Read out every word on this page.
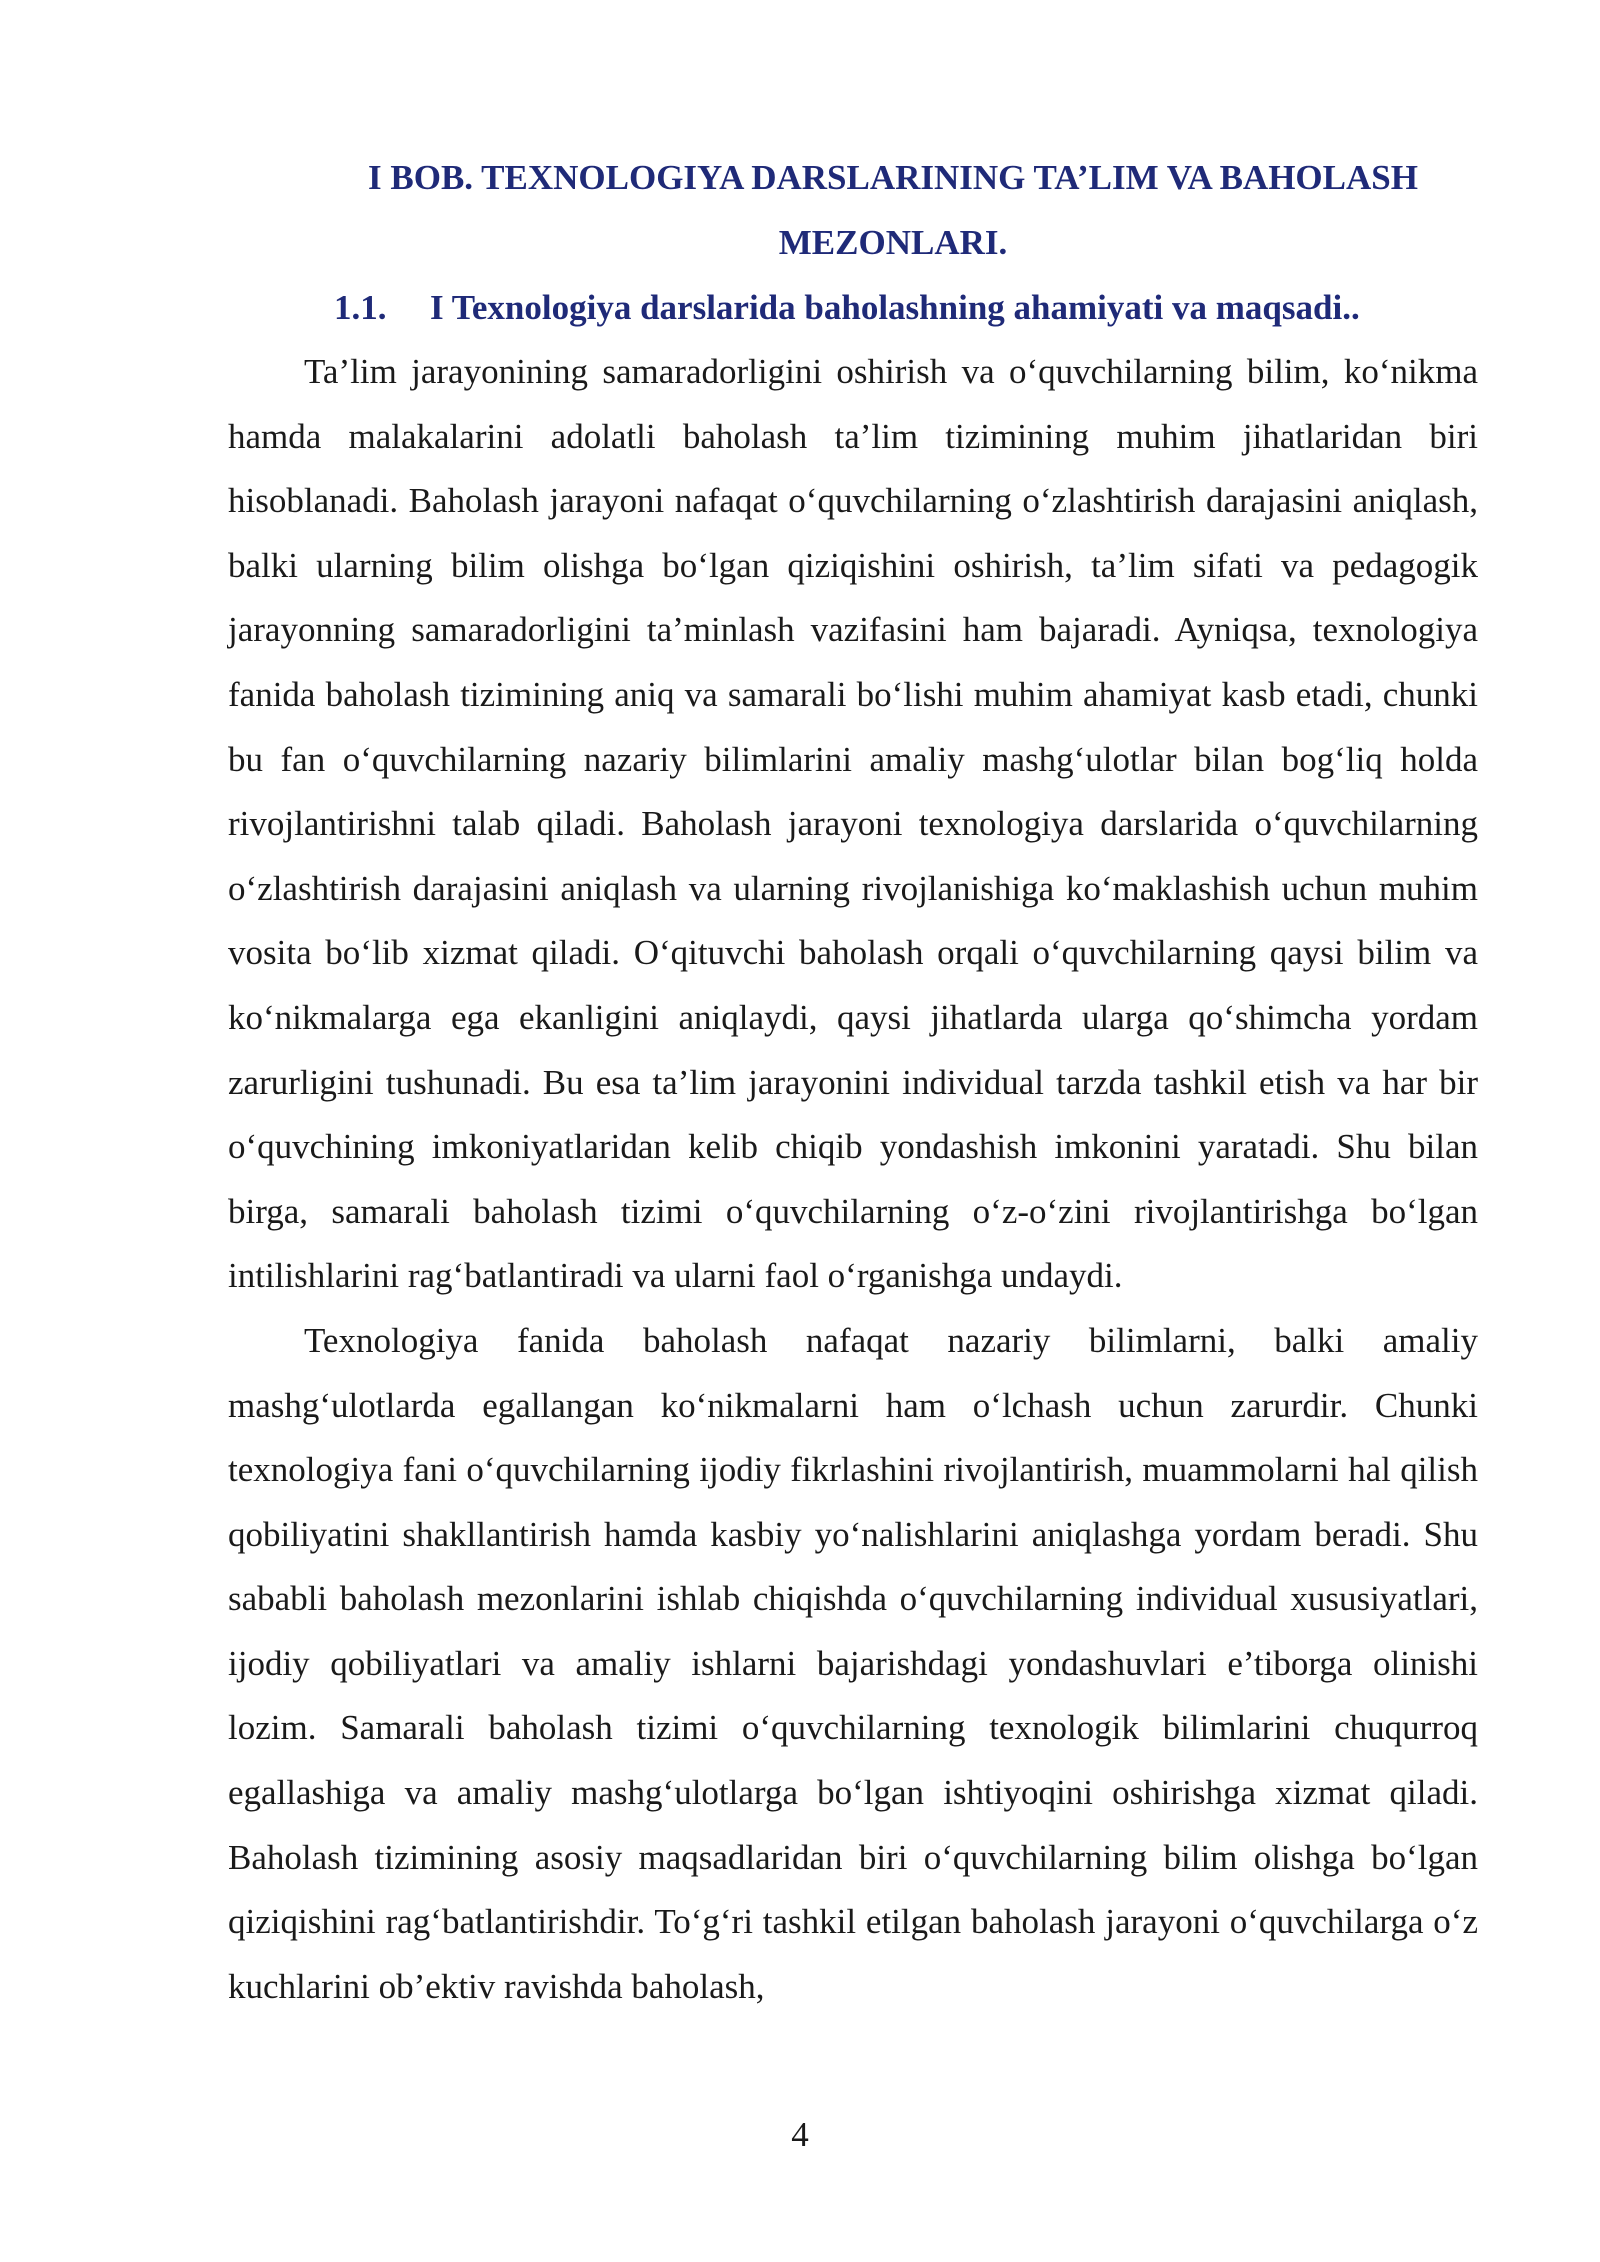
I BOB. TEXNOLOGIYA DARSLARINING TA’LIM VA BAHOLASH MEZONLARI.
1.1. I Texnologiya darslarida baholashning ahamiyati va maqsadi..

Ta’lim jarayonining samaradorligini oshirish va o‘quvchilarning bilim, ko‘nikma hamda malakalarini adolatli baholash ta’lim tizimining muhim jihatlaridan biri hisoblanadi. Baholash jarayoni nafaqat o‘quvchilarning o‘zlashtirish darajasini aniqlash, balki ularning bilim olishga bo‘lgan qiziqishini oshirish, ta’lim sifati va pedagogik jarayonning samaradorligini ta’minlash vazifasini ham bajaradi. Ayniqsa, texnologiya fanida baholash tizimining aniq va samarali bo‘lishi muhim ahamiyat kasb etadi, chunki bu fan o‘quvchilarning nazariy bilimlarini amaliy mashg‘ulotlar bilan bog‘liq holda rivojlantirishni talab qiladi. Baholash jarayoni texnologiya darslarida o‘quvchilarning o‘zlashtirish darajasini aniqlash va ularning rivojlanishiga ko‘maklashish uchun muhim vosita bo‘lib xizmat qiladi. O‘qituvchi baholash orqali o‘quvchilarning qaysi bilim va ko‘nikmalarga ega ekanligini aniqlaydi, qaysi jihatlarda ularga qo‘shimcha yordam zarurligini tushunadi. Bu esa ta’lim jarayonini individual tarzda tashkil etish va har bir o‘quvchining imkoniyatlaridan kelib chiqib yondashish imkonini yaratadi. Shu bilan birga, samarali baholash tizimi o‘quvchilarning o‘z-o‘zini rivojlantirishga bo‘lgan intilishlarini rag‘batlantiradi va ularni faol o‘rganishga undaydi.

Texnologiya fanida baholash nafaqat nazariy bilimlarni, balki amaliy mashg‘ulotlarda egallangan ko‘nikmalarni ham o‘lchash uchun zarurdir. Chunki texnologiya fani o‘quvchilarning ijodiy fikrlashini rivojlantirish, muammolarni hal qilish qobiliyatini shakllantirish hamda kasbiy yo‘nalishlarini aniqlashga yordam beradi. Shu sababli baholash mezonlarini ishlab chiqishda o‘quvchilarning individual xususiyatlari, ijodiy qobiliyatlari va amaliy ishlarni bajarishdagi yondashuvlari e’tiborga olinishi lozim. Samarali baholash tizimi o‘quvchilarning texnologik bilimlarini chuqurroq egallashiga va amaliy mashg‘ulotlarga bo‘lgan ishtiyoqini oshirishga xizmat qiladi. Baholash tizimining asosiy maqsadlaridan biri o‘quvchilarning bilim olishga bo‘lgan qiziqishini rag‘batlantirishdir. To‘g‘ri tashkil etilgan baholash jarayoni o‘quvchilarga o‘z kuchlarini ob’ektiv ravishda baholash,

4
